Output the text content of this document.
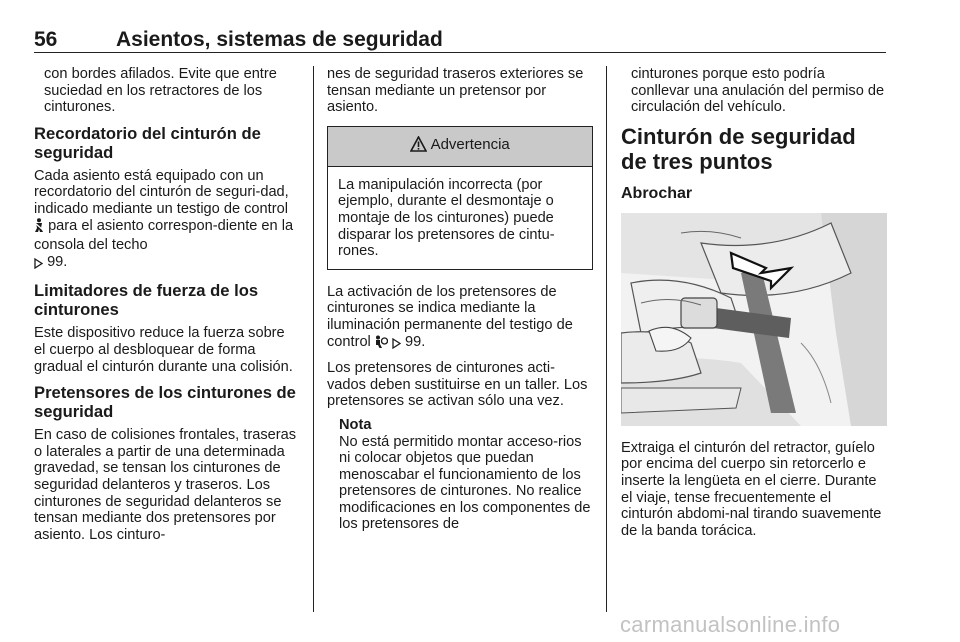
56	Asientos, sistemas de seguridad

con bordes afilados. Evite que entre suciedad en los retractores de los cinturones.

Recordatorio del cinturón de seguridad

Cada asiento está equipado con un recordatorio del cinturón de seguri-dad, indicado mediante un testigo de control  para el asiento correspon-diente en la consola del techo
99.

Limitadores de fuerza de los cinturones

Este dispositivo reduce la fuerza sobre el cuerpo al desbloquear de forma gradual el cinturón durante una colisión.

Pretensores de los cinturones de seguridad

En caso de colisiones frontales, traseras o laterales a partir de una determinada gravedad, se tensan los cinturones de seguridad delanteros y traseros. Los cinturones de seguridad delanteros se tensan mediante dos pretensores por asiento. Los cinturo-

nes de seguridad traseros exteriores se tensan mediante un pretensor por asiento.

Advertencia
La manipulación incorrecta (por ejemplo, durante el desmontaje o montaje de los cinturones) puede disparar los pretensores de cintu-rones.

La activación de los pretensores de cinturones se indica mediante la iluminación permanente del testigo de control 99.

Los pretensores de cinturones acti-vados deben sustituirse en un taller. Los pretensores se activan sólo una vez.

Nota
No está permitido montar acceso-rios ni colocar objetos que puedan menoscabar el funcionamiento de los pretensores de cinturones. No realice modificaciones en los componentes de los pretensores de

cinturones porque esto podría conllevar una anulación del permiso de circulación del vehículo.

Cinturón de seguridad de tres puntos
Abrochar

Extraiga el cinturón del retractor, guíelo por encima del cuerpo sin retorcerlo e inserte la lengüeta en el cierre. Durante el viaje, tense frecuentemente el cinturón abdomi-nal tirando suavemente de la banda torácica.

carmanualsonline.info
